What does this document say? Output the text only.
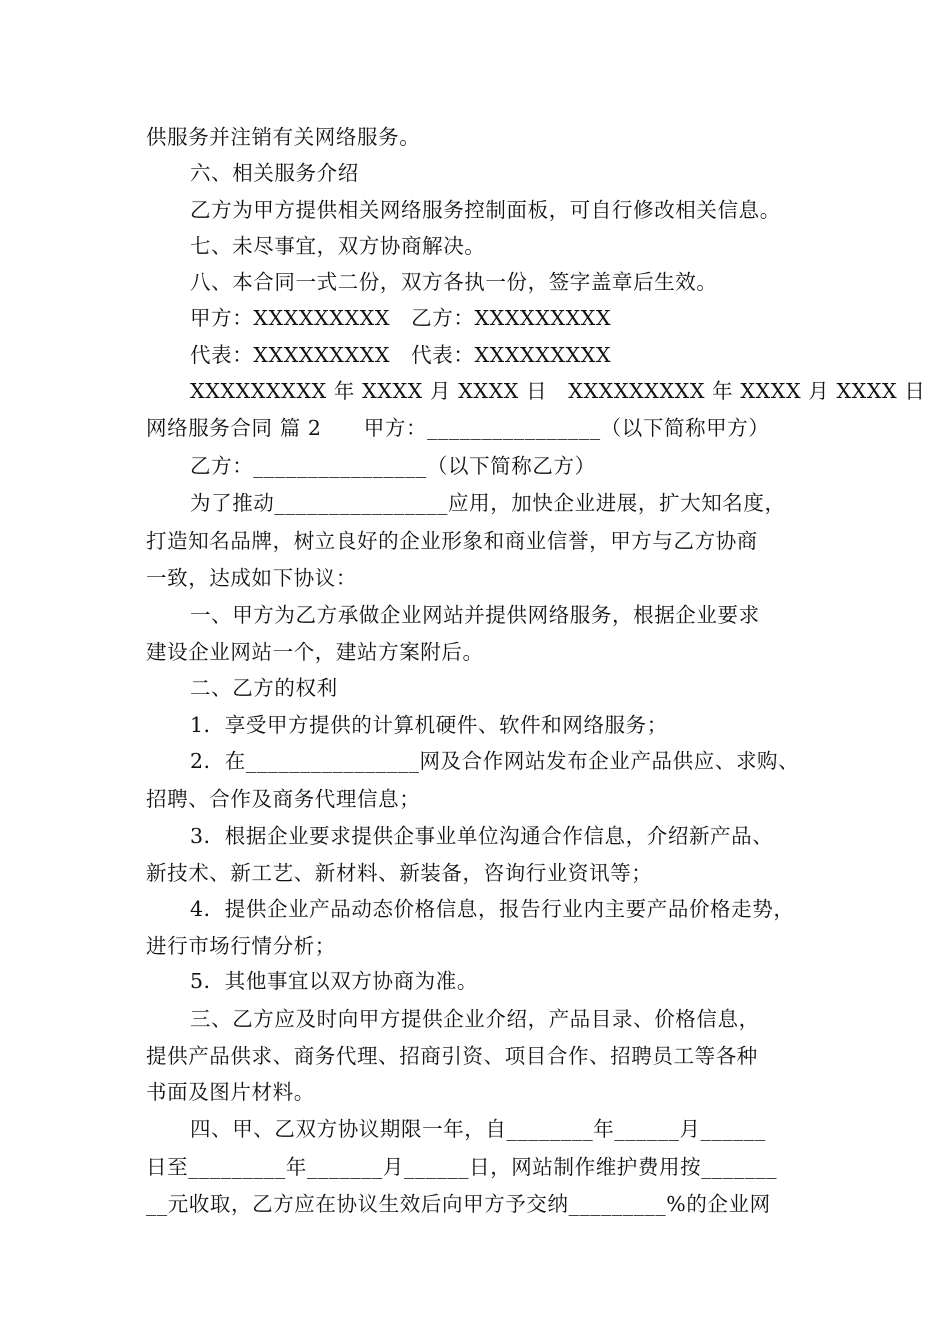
供服务并注销有关网络服务。
六、相关服务介绍
乙方为甲方提供相关网络服务控制面板，可自行修改相关信息。
七、未尽事宜，双方协商解决。
八、本合同一式二份，双方各执一份，签字盖章后生效。
甲方：XXXXXXXXX　乙方：XXXXXXXXX
代表：XXXXXXXXX　代表：XXXXXXXXX
XXXXXXXXX 年 XXXX 月 XXXX 日　XXXXXXXXX 年 XXXX 月 XXXX 日
网络服务合同 篇 2　　甲方：________________（以下简称甲方）
乙方：________________（以下简称乙方）
为了推动________________应用，加快企业进展，扩大知名度，
打造知名品牌，树立良好的企业形象和商业信誉，甲方与乙方协商
一致，达成如下协议：
一、甲方为乙方承做企业网站并提供网络服务，根据企业要求
建设企业网站一个，建站方案附后。
二、乙方的权利
1．享受甲方提供的计算机硬件、软件和网络服务；
2．在________________网及合作网站发布企业产品供应、求购、
招聘、合作及商务代理信息；
3．根据企业要求提供企事业单位沟通合作信息，介绍新产品、
新技术、新工艺、新材料、新装备，咨询行业资讯等；
4．提供企业产品动态价格信息，报告行业内主要产品价格走势，
进行市场行情分析；
5．其他事宜以双方协商为准。
三、乙方应及时向甲方提供企业介绍，产品目录、价格信息，
提供产品供求、商务代理、招商引资、项目合作、招聘员工等各种
书面及图片材料。
四、甲、乙双方协议期限一年，自________年______月______
日至_________年_______月______日，网站制作维护费用按_______
__元收取，乙方应在协议生效后向甲方予交纳_________%的企业网
